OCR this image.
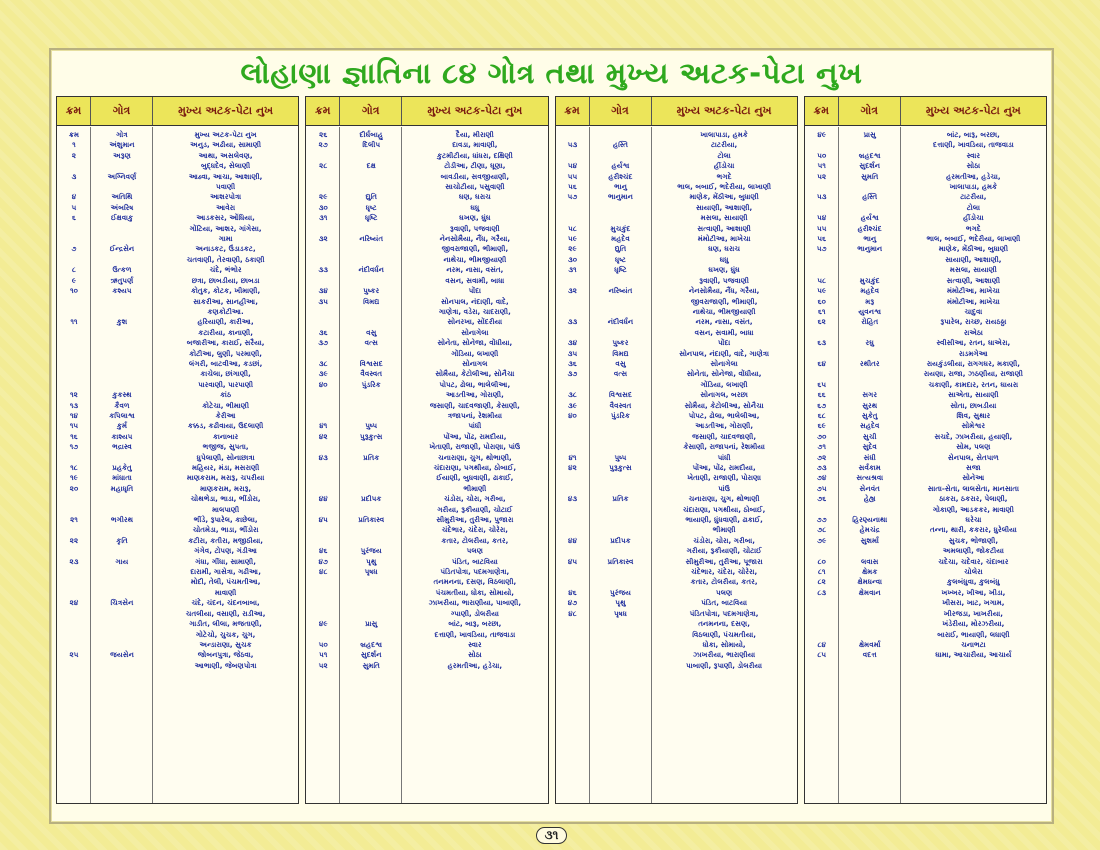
લોહાણા જ્ઞાતિના ૮૪ ગોત્ર તથા મુખ્ય અટક-પેટા નુખ
ક્રમ	ગોત્ર	મુખ્ય અટક-પેટા નુખ
ક્રમ	ગોત્ર	મુખ્ય અટક-પેટા નુખ
૧	અંશુમાન	અનુડ, અઢીયા, સામાણી
૨	અરૂણ	આથા, અસલેવણ,
બુદ્ધદેવ, સેલાણી
૩	અગ્નિવર્ણ	આહ્વા, આચા, આશાણી,
પવાણી
૪	અતિથિ	આશરપોત્રા
૫	અંબરિષ	આવેરા
૬	ઈક્ષવાકુ	આડકસર, ઓંધિયા,
ગોંટિયા, આશર, ગાંગેસા,
ગામા
૭	ઈન્દ્રસેન	અનાડકટ, ઉંડાડકટ,
ચતવાણી, તેરવાણી, ઠકાણી
૮	ઉત્કળ	ચંદે, ભંભોર
૯	ઋતુપર્ણ	છત્રા, છાબડીયા, છાબડા
૧૦	કશ્યપ	કોતુક, કોટક, ખીમાણી,
સાકરીઆ, સાનહીઆ,
કણકોટીઆ.
૧૧	કુશ	હરિયાણી, કારીઆ,
કટારીયા, કાનાણી,
બજારીઆ, કારાઈ, સરૈયા,
કોટીઆ, લુણી, પરમાણી,
લંગરી, બાટવીઆ, કડછાં,
કાચેલા, છાંગાણી,
પારવાણી, પારપાણી
૧૨	કુકસ્થ	કાંઠ
૧૩	કૈવળ	કોટેચા, ભીમાણી
૧૪	કપિલાશ્વ	કેરીઆ
૧૫	કુર્મ	કક્કડ, કઢીવાયા, ઉદલાણી
૧૬	કાશ્યપ	કાનાબાર
૧૭	ભદ્રાસ્વ	ભજીજ, સુપતા,
ધુપેલાણી, સોનાછાત્રા
૧૮	પ્રહકેતુ	મહિયર, મંડા, મસરાણી
૧૯	માંધાતા	માણકરામ, મરારૂ, ચપરીયા
૨૦	મહાધૃતિ	માણકરામ, મરારૂ,
ચોથભેડા, ભાડા, ભીંડોરા,
માલપાણી
૨૧	ભગીરથ	ભીંડે, રૂપારેલ, કાછેલા,
ચોતમેડા, ભાડા, ભીંડોરા
૨૨	કૃતિ	કટીરા, કતીરા, મજીઠીયા,
ગંગેવ, ટોપણ, ગંડીઆ
૨૩	ગાય	ગંધા, ગીંધા, સામાણી,
દારામી, ગાસેત્રા, ગઢીઆ,
મોદી, તેલી, પંચમતીઆ,
માવાણી
૨૪	ચિત્રસેન	ચંદે, ચંદન, ચંદનબાબા,
ચતલીયા, વસાણી, રાડીઆ,
ગાડીત, લીલા, મજતાણી,
ગોટેચો, ચુચક, ચુગ,
અન્ડારાણા, સુચક
૨૫	જયસેન	જોબનપુત્રા, જેઠવા,
આભાણી, જેબણપોત્રા
ક્રમ	ગોત્ર	મુખ્ય અટક-પેટા નુખ
૨૬	દીર્ઘબાહુ	દૈયા, મીરાણી
૨૭	દિલીપ	દાવડા, માવાણી,
કુટમીટીયા, ધાંધરા, દક્ષિણી
૨૮	દક્ષ	ટોડીઆ, ટીણા, ઘૂણા,
બાવડીયા, સવજીયાણી,
સાચોટીયા, પસુવાણી
૨૯	દ્યુતિ	ઘણ, ઘરાચ
૩૦	ધૃષ્ટ	ઘધુ
૩૧	ધૃષ્ટિ	ઘખણ, ઘુંઘ
રૂવાણી, પજવાણી
૩૨	નરિષ્યંત	નેનસોમૈયા, નૈંધ, ગરૈયા,
જીવરાજાણી, ભીમાણી,
નાથેચા, ભીમજીયાણી
૩૩	નંદીવર્ધન	નરમ, નાસા, વસંત,
વસન, સવામી, બાધા
૩૪	પુષ્કર	પોંદા
૩૫	વિમદ્ય	સોનપાલ, નંદાણી, વાદે,
ગાણેત્રા, વડેરા, ચાદરાણી,
સોનરખા, સોંદરીયા
૩૬	વસુ	સોનાગેલા
૩૭	વત્સ	સોનેતા, સોનેજા, વોંધીયા,
ગોંડિયા, લખાણી
૩૮	વિશ્વસદ	સોનાગલ
૩૯	વૈવસ્વત	સોમૈયા, કેટોલીઆ, સોનૈચા
૪૦	પુંડરિક	પોપટ, ઢોલા, ભાલેલીઆ,
આડતીઆ, ગોરાણી,
જસાણી, ચાદવજાણી, કેસાણી,
ત્રજાપનાં, રેશમીયા
૪૧	પુષ્પ	પાંધી
૪૨	પુરૂકુત્સ	પોંઆ, પોંઢ, રામદીયા,
ખેતાણી, રાજાણી, પોરાણા, પાંઉ
૪૩	પ્રતિક	ચનારાણા, ચુગ, થોભાણી,
ચંદારાણા, પગથીયા, ઠોબાઈ,
ઈયાણી, બુધવાણી, ઢાકાઈ,
ભીમાણી
૪૪	પ્રદીપક	ચંડોરા, ચોરા, ગરીબા,
ગરીયા, રૂકીયાણી, ચોટાઈ
૪૫	પ્રતિકાસ્વ	સીમુરીઆ, તુરીઆ, પુજારા
ચંદેભાર, ચંદેરા, ચોરેરા,
કતાર, ટોલરીયા, કતર,
૪૬	પુરંજય	પલણ
૪૭	પૃથુ	પંડિત, બાટવિયા
૪૮	પૃષધ	પંડિતપોત્રા, પદમગાણેત્રા,
તનમનના, દસણ, વિઠલાણી,
પંચમતીયા, ધોકા, સોમાયો,
ઝાખરીયા, ભારાણીયા, પાબાણી,
ગ્પાણી, ડોલરીયા
૪૯	પ્રાસુ	બાંટ, બારૂ, બરછા,
દત્તાણી, ખાવડિયા, તાજવાડા
૫૦	બ્રહદશ્વ	સ્વાર
૫૧	સુદર્શન	સોઠા
૫૨	સુમતિ	હરમતીઆ, હડેચા,
ક્રમ	ગોત્ર	મુખ્ય અટક-પેટા નુખ
ખાલાપાડા, હમકે
૫૩	હસ્તિ	ટાટરીયા,
ટોલા
૫૪	હર્યશ્વ	હીંડોચા
૫૫	હરીશ્ચંદ	ભગદે
૫૬	ભાનુ	ભાલ, બબાઈ, ભદેરીયા, લાખાણી
૫૭	ભાનુમાન	માણેક, મેંઠીઆ, બુધાણી
સાયાણી, આશાણી,
મસલા, સાયાણી
૫૮	મુચકુંદ	સત્વાણી, આશાણી
૫૯	મહદેવ	મંમોટીઆ, માખેચા
૨૯	દ્યુતિ	ઘણ, ઘરાચ
૩૦	ધૃષ્ટ	ઘધુ
૩૧	ધૃષ્ટિ	ઘખણ, ઘુંઘ
રૂવાણી, પજવાણી
૩૨	નરિષ્યંત	નેનસોમૈયા, નૈંધ, ગરૈયા,
જીવરાજાણી, ભીમાણી,
નાથેચા, ભીમજીયાણી
૩૩	નંદીવર્ધન	નરમ, નાસા, વસંત,
વસન, સવામી, બાધા
૩૪	પુષ્કર	પોંદા
૩૫	વિમદ્ય	સોનપાલ, નંદાણી, વાદે, ગાણેત્રા
૩૬	વસુ	સોનાગેલા
૩૭	વત્સ	સોનેતા, સોનેજા, વોંધીયા,
ગોંડિયા, લખાણી
૩૮	વિશ્વસદ	સોનાગલ, બરછા
૩૯	વૈવસ્વત	સોમૈયા, કેટોલીઆ, સોનૈચા
૪૦	પુંડરિક	પોપટ, ઢોલા, ભાલેલીઆ,
આડતીઆ, ગોરાણી,
જસાણી, ચાદવજાણી,
કેસાણી, રાજાપનાં, રેશમીયા
૪૧	પુષ્પ	પાંધી
૪૨	પુરૂકુત્સ	પોંઆ, પોંઢ, રામદીયા,
ખેતાણી, રાજાણી, પોરાણા
પાંઉ
૪૩	પ્રતિક	ચનારાણા, ચુગ, થોભાણી
ચંદારાણા, પગથીયા, ઠોબાઈ,
ભાયાણી, ધુંધવાણી, ઢાકાઈ,
ભીમાણી
૪૪	પ્રદીપક	ચંડોરા, ચોરા, ગરીબા,
ગરીયા, રૂકીયાણી, ચોટાઈ
૪૫	પ્રતિકાસ્વ	સીમુરીઆ, તુરીઆ, પૂજારા
ચંદેભાર, ચંદેરા, ચોરેરા,
કતાર, ટોલરીયા, કતર,
૪૬	પુરંજય	પલણ
૪૭	પૃથુ	પંડિત, બાટવિયા
૪૮	પૃષધ	પંડિતપોત્રા, પદમગાણેત્રા,
તનમનના, દસણ,
વિઠલાણી, પંચમતીયા,
ધોકા, સોમાયો,
ઝાખરીયા, ભારાણીયા
પાબાણી, રૂપાણી, ડોલરીયા
ક્રમ	ગોત્ર	મુખ્ય અટક-પેટા નુખ
૪૯	પ્રાસુ	બાંટ, બારૂ, બરછા,
દત્તાણી, ખાવડિયા, તાજવાડા
૫૦	બ્રહદશ્વ	સ્વાર
૫૧	સુદર્શન	સોઠા
૫૨	સુમતિ	હરમતીઆ, હડેચા,
ખાલાપાડા, હમકે
૫૩	હસ્તિ	ટાટરીયા,
ટોલા
૫૪	હર્યશ્વ	હીંડોચા
૫૫	હરીશ્ચંદ	ભગદે
૫૬	ભાનુ	ભાલ, બબાઈ, ભદેરીયા, લાખાણી
૫૭	ભાનુમાન	માણેક, મેંઠીઆ, બુધાણી
સાયાણી, આશાણી,
મસલા, સાયાણી
૫૮	મુચકુંદ	સત્વાણી, આશાણી
૫૯	મહદેવ	મંમોટીઆ, માખેચા
૬૦	મરૂ	મંમોટીઆ, માખેચા
૬૧	યુવનશ્વ	ચાદુવા
૬૨	રોહિત	રૂપારેલ, રાચ્છ, રાયઠઠ્ઠા
રાએઠા
૬૩	રઘુ	સ્વીસીઆ, રતન, ઘાએરા,
રાડમગેઆ
૬૪	રથીતર	રાયકુંડલીયા, રાગગઘર, મકાણી,
રાયણા, રાજા, ઝઠણીયા, રાજાણી
૬૫	ચકાણી, કામદાર, રતન, ઘાયરા
૬૬	સગર	સાએતા, સાયાણી
૬૭	સુરથ	સોતા, છાબડીયા
૬૮	સુકેતુ	શિવ, સુથાર
૬૯	સહદેવ	સોમેશ્વર
૭૦	સુચી	સચદે, ઝાખરીયા, હયાણી,
૭૧	સુદેવ	સોમ, પલણ
૭૨	સંધી	સેનપાલ, સેતપાળ
૭૩	સર્વકામ	સજા
૭૪	સત્યશ્રવા	સોનેઆ
૭૫	સેનવંત	સાતા-સેતા, લાલસેતા, માનસાતા
૭૬	હેહ્ય	ઠાકરા, ઠકરાર, પેલાણી,
ગોકાણી, આડકકર, માવાણી
૭૭	હિરણ્યનાથા	ઘરેચા
૭૮	હેમચંદ્ર	તન્ના, થારી, કકરાર, ધુરેલીયા
૭૯	સુશર્મા	સુચક, ભોજાણી,
અમલાણી, જોકટીયા
૮૦	લવાસ	ચદેચા, ચદેવાર, ચંદાબાર
૮૧	ક્ષેમક	ચોલેરા
૮૨	ક્ષેમધન્વા	કુલબંધુવા, કુલબંધુ
૮૩	ક્ષેમવાન	ખખ્ખર, ખીઆ, ખીડા,
ખીસરા, ખાટ, ખગામ,
ખીરજડા, ખાખરીયા,
ખંડેરીયા, મોરઝરીયા,
બારાઈ, ભાયાણી, લધાણી
૮૪	ક્ષેમવર્મા	ચનાભટા
૮૫	વદત્ત	ઘામા, આચારીયા, આચાર્ય
૩૧
